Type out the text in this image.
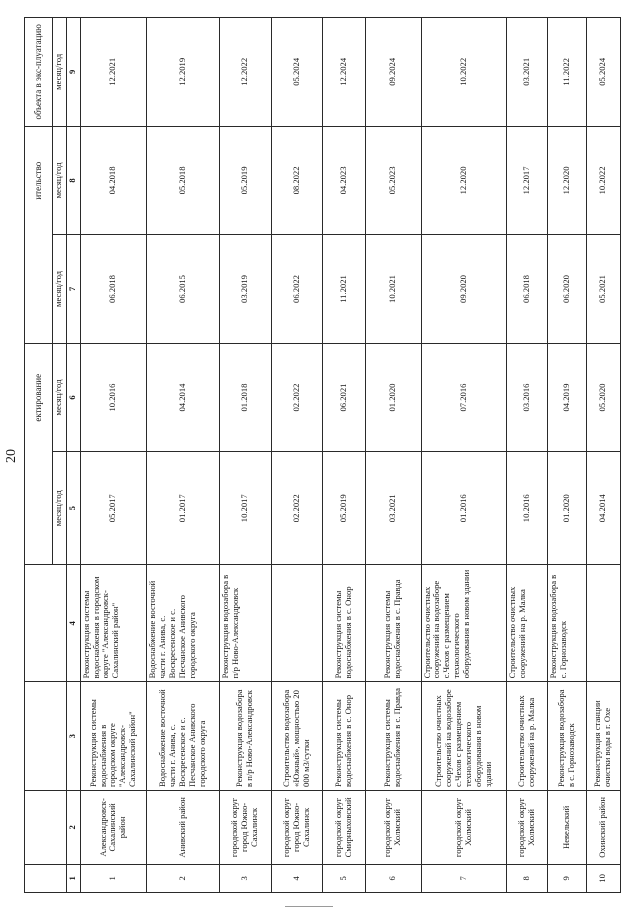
20
					ектирование		ительство	объекта в экс-плуатацию
				месяц/год	месяц/год	месяц/год	месяц/год	месяц/год
1	2	3	4	5	6	7	8	9
1	Александровск-Сахалинский район	Реконструкция системы водоснабжения в городском округе "Александровск-Сахалинский район"	Реконструкция системы водоснабжения в городском округе "Александровск-Сахалинский район"	05.2017	10.2016	06.2018	04.2018	12.2021
2	Анивский район	Водоснабжение восточной части г. Анива, с. Воскресенское и с. Песчанское Анивского городского округа	Водоснабжение восточной части г. Анива, с. Воскресенское и с. Песчанское Анивского городского округа	01.2017	04.2014	06.2015	05.2018	12.2019
3	городской округ город Южно-Сахалинск	Реконструкция водозабора в п/р Ново-Александровск	Реконструкция водозабора в п/р Ново-Александровск	10.2017	01.2018	03.2019	05.2019	12.2022
4	городской округ город Южно-Сахалинск	Строительство водозабора «Южный», мощностью 20 000 м3/сутки		02.2022	02.2022	06.2022	08.2022	05.2024
5	городской округ Смирныховский	Реконструкция системы водоснабжения в с. Онор	Реконструкция системы водоснабжения в с. Онор	05.2019	06.2021	11.2021	04.2023	12.2024
6	городской округ Холмский	Реконструкция системы водоснабжения в с. Правда	Реконструкция системы водоснабжения в с. Правда	03.2021	01.2020	10.2021	05.2023	09.2024
7	городской округ Холмский	Строительство очистных сооружений на водозаборе с.Чехов с размещением технологического оборудования в новом здании	Строительство очистных сооружений на водозаборе с.Чехов с размещением технологического оборудования в новом здании	01.2016	07.2016	09.2020	12.2020	10.2022
8	городской округ Холмский	Строительство очистных сооружений на р. Малка	Строительство очистных сооружений на р. Малка	10.2016	03.2016	06.2018	12.2017	03.2021
9	Невельский	Реконструкция водозабора в с. Горнозаводск	Реконструкция водозабора в с. Горнозаводск	01.2020	04.2019	06.2020	12.2020	11.2022
10	Охинский район	Реконструкция станции очистки воды в г. Охе		04.2014	05.2020	05.2021	10.2022	05.2024
